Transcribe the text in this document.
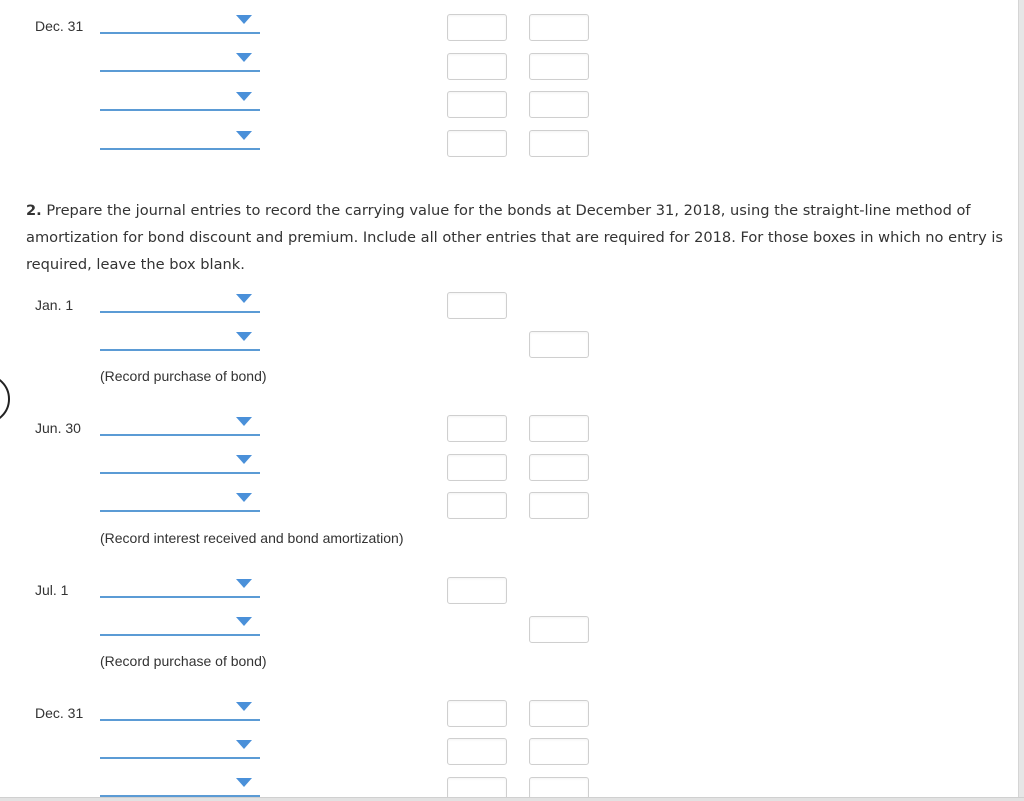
Dec. 31
2. Prepare the journal entries to record the carrying value for the bonds at December 31, 2018, using the straight-line method of amortization for bond discount and premium. Include all other entries that are required for 2018. For those boxes in which no entry is required, leave the box blank.
Jan. 1
(Record purchase of bond)
Jun. 30
(Record interest received and bond amortization)
Jul. 1
(Record purchase of bond)
Dec. 31
